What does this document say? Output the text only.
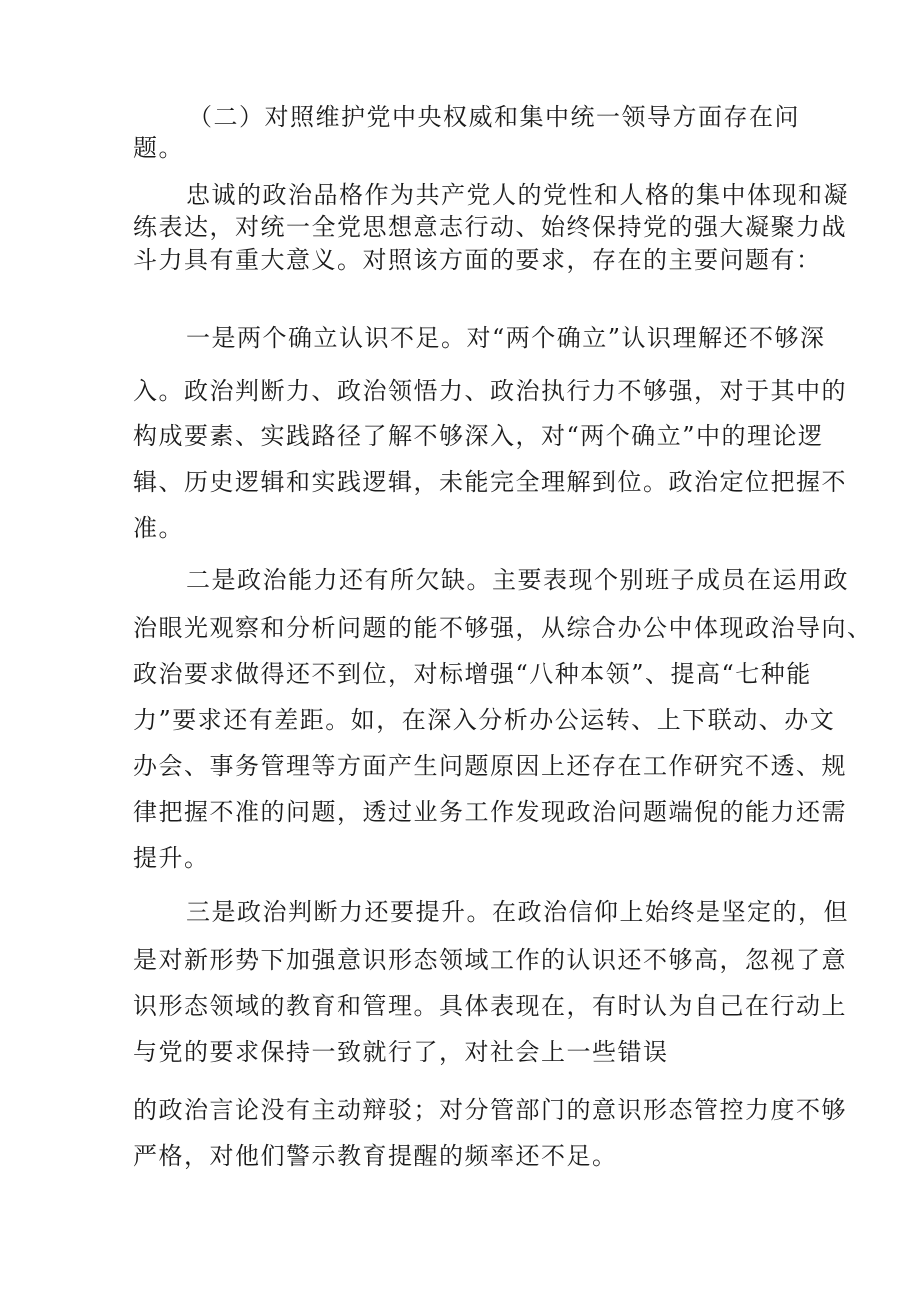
（二）对照维护党中央权威和集中统一领导方面存在问
题。
忠诚的政治品格作为共产党人的党性和人格的集中体现和凝
练表达，对统一全党思想意志行动、始终保持党的强大凝聚力战
斗力具有重大意义。对照该方面的要求，存在的主要问题有：
一是两个确立认识不足。对“两个确立”认识理解还不够深
入。政治判断力、政治领悟力、政治执行力不够强，对于其中的
构成要素、实践路径了解不够深入，对“两个确立”中的理论逻
辑、历史逻辑和实践逻辑，未能完全理解到位。政治定位把握不
准。
二是政治能力还有所欠缺。主要表现个别班子成员在运用政
治眼光观察和分析问题的能不够强，从综合办公中体现政治导向、
政治要求做得还不到位，对标增强“八种本领”、提高“七种能
力”要求还有差距。如，在深入分析办公运转、上下联动、办文
办会、事务管理等方面产生问题原因上还存在工作研究不透、规
律把握不准的问题，透过业务工作发现政治问题端倪的能力还需
提升。
三是政治判断力还要提升。在政治信仰上始终是坚定的，但
是对新形势下加强意识形态领域工作的认识还不够高，忽视了意
识形态领域的教育和管理。具体表现在，有时认为自己在行动上
与党的要求保持一致就行了，对社会上一些错误
的政治言论没有主动辩驳；对分管部门的意识形态管控力度不够
严格，对他们警示教育提醒的频率还不足。
